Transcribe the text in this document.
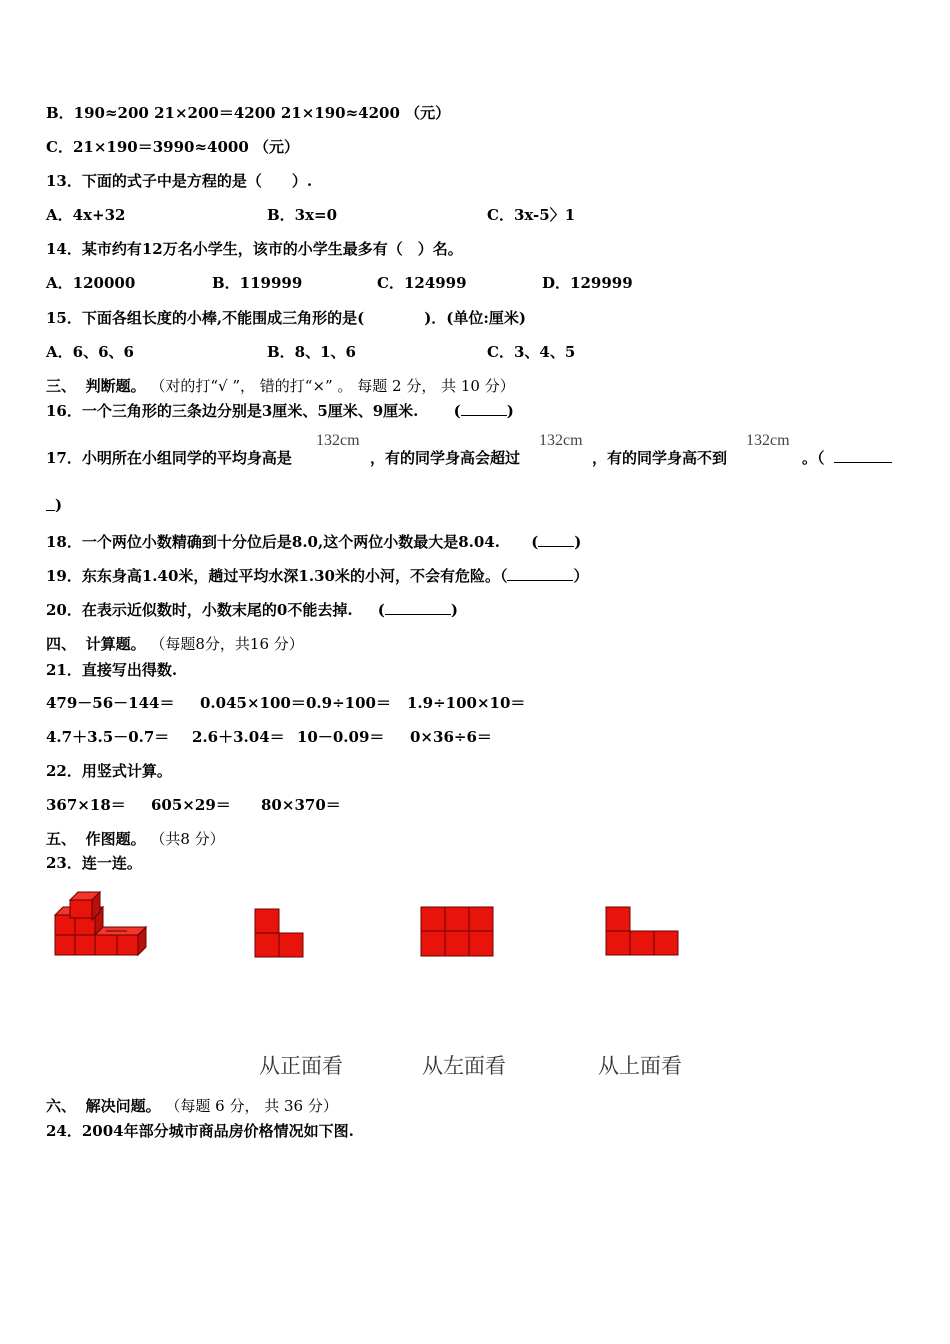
B．190≈200 21×200＝4200 21×190≈4200 （元）
C．21×190＝3990≈4000 （元）
13．下面的式子中是方程的是（　　）.
A．4x+32	B．3x=0	C．3x-5〉1
14．某市约有12万名小学生，该市的小学生最多有（　）名。
A．120000	B．119999	C．124999	D．129999
15．下面各组长度的小棒,不能围成三角形的是(　　　　)．(单位:厘米)
A．6、6、6	B．8、1、6	C．3、4、5
三、 判断题。 （对的打“√ ”， 错的打“×” 。 每题 2 分， 共 10 分）
16．一个三角形的三条边分别是3厘米、5厘米、9厘米. (	)
17．小明所在小组同学的平均身高是
132cm
，有的同学身高会超过
132cm
，有的同学身高不到
132cm
。（
)
18．一个两位小数精确到十分位后是8.0,这个两位小数最大是8.04. ( )
19．东东身高1.40米，趟过平均水深1.30米的小河，不会有危险。（	）
20．在表示近似数时，小数末尾的0不能去掉. (	)
四、 计算题。 （每题8分，共16 分）
21．直接写出得数.
479－56－144＝ 0.045×100＝ 0.9÷100＝ 1.9÷100×10＝
4.7＋3.5－0.7＝ 2.6＋3.04＝ 10－0.09＝ 0×36÷6＝
22．用竖式计算。
367×18＝ 605×29＝ 80×370＝
五、 作图题。 （共8 分）
23．连一连。
从正面看	从左面看	从上面看
六、 解决问题。 （每题 6 分， 共 36 分）
24．2004年部分城市商品房价格情况如下图.
